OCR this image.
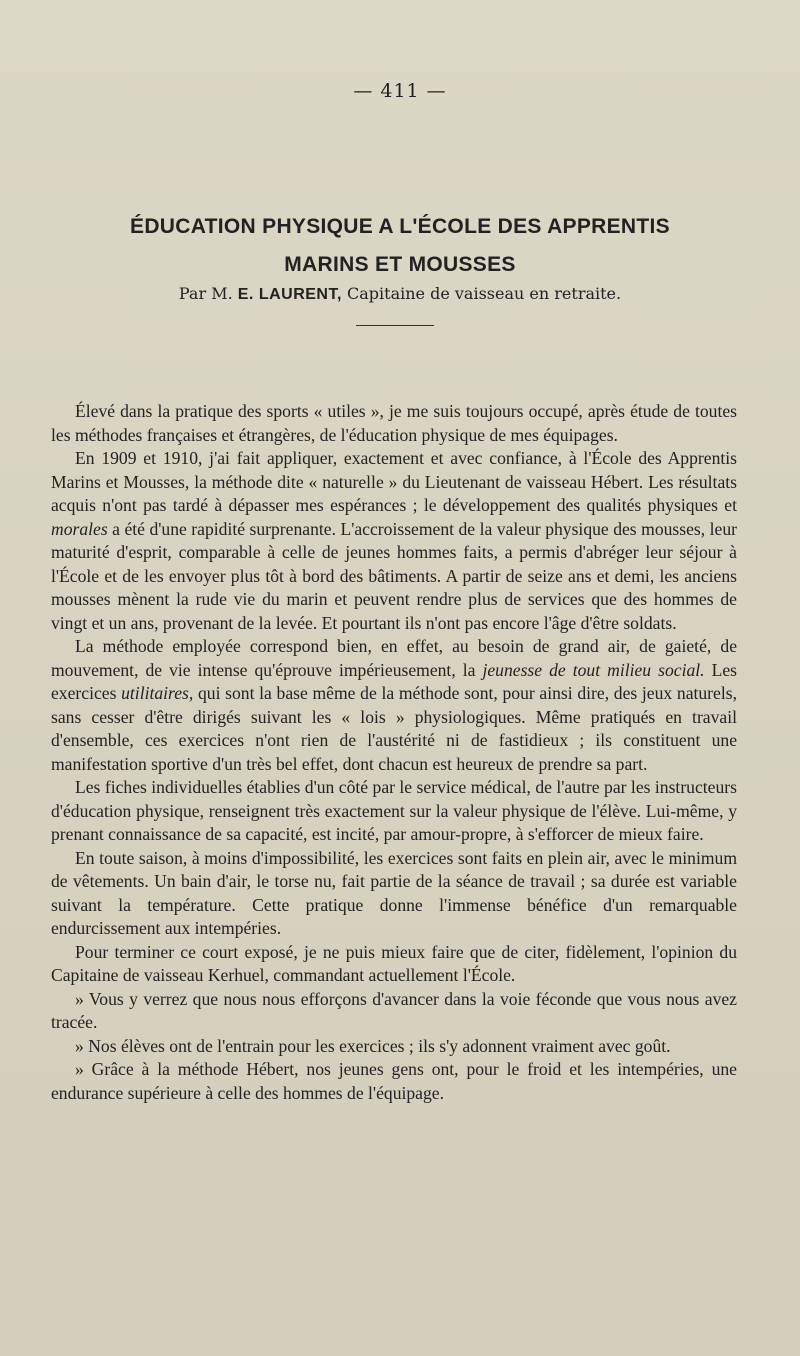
— 411 —
ÉDUCATION PHYSIQUE A L'ÉCOLE DES APPRENTIS
MARINS ET MOUSSES
Par M. E. LAURENT, Capitaine de vaisseau en retraite.

Élevé dans la pratique des sports « utiles », je me suis toujours occupé, après étude de toutes les méthodes françaises et étrangères, de l'éducation physique de mes équipages.

En 1909 et 1910, j'ai fait appliquer, exactement et avec confiance, à l'École des Apprentis Marins et Mousses, la méthode dite « naturelle » du Lieutenant de vaisseau Hébert. Les résultats acquis n'ont pas tardé à dépasser mes espérances ; le développement des qualités physiques et morales a été d'une rapidité surprenante. L'accroissement de la valeur physique des mousses, leur maturité d'esprit, comparable à celle de jeunes hommes faits, a permis d'abréger leur séjour à l'École et de les envoyer plus tôt à bord des bâtiments. A partir de seize ans et demi, les anciens mousses mènent la rude vie du marin et peuvent rendre plus de services que des hommes de vingt et un ans, provenant de la levée. Et pourtant ils n'ont pas encore l'âge d'être soldats.

La méthode employée correspond bien, en effet, au besoin de grand air, de gaieté, de mouvement, de vie intense qu'éprouve impérieusement, la jeunesse de tout milieu social. Les exercices utilitaires, qui sont la base même de la méthode sont, pour ainsi dire, des jeux naturels, sans cesser d'être dirigés suivant les « lois » physiologiques. Même pratiqués en travail d'ensemble, ces exercices n'ont rien de l'austérité ni de fastidieux ; ils constituent une manifestation sportive d'un très bel effet, dont chacun est heureux de prendre sa part.

Les fiches individuelles établies d'un côté par le service médical, de l'autre par les instructeurs d'éducation physique, renseignent très exactement sur la valeur physique de l'élève. Lui-même, y prenant connaissance de sa capacité, est incité, par amour-propre, à s'efforcer de mieux faire.

En toute saison, à moins d'impossibilité, les exercices sont faits en plein air, avec le minimum de vêtements. Un bain d'air, le torse nu, fait partie de la séance de travail ; sa durée est variable suivant la température. Cette pratique donne l'immense bénéfice d'un remarquable endurcissement aux intempéries.

Pour terminer ce court exposé, je ne puis mieux faire que de citer, fidèlement, l'opinion du Capitaine de vaisseau Kerhuel, commandant actuellement l'École.

» Vous y verrez que nous nous efforçons d'avancer dans la voie féconde que vous nous avez tracée.

» Nos élèves ont de l'entrain pour les exercices ; ils s'y adonnent vraiment avec goût.

» Grâce à la méthode Hébert, nos jeunes gens ont, pour le froid et les intempéries, une endurance supérieure à celle des hommes de l'équipage.
